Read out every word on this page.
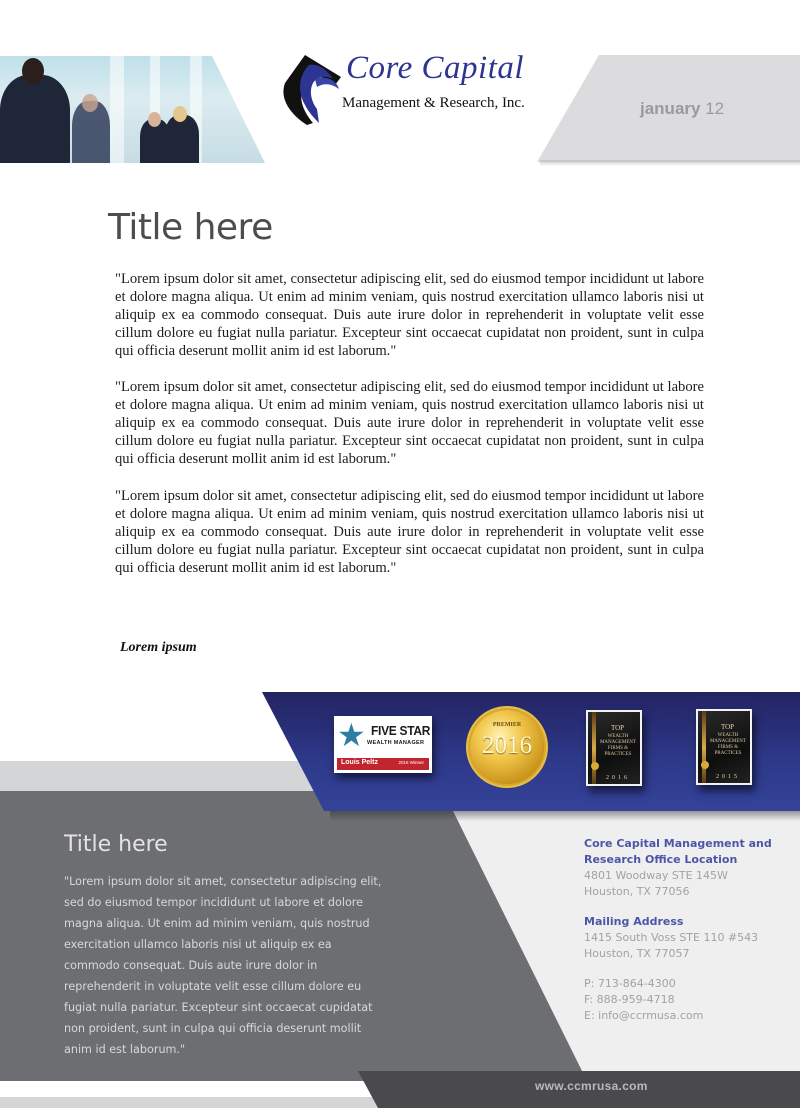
Core Capital
Management & Research, Inc.	january 12
Title here
"Lorem ipsum dolor sit amet, consectetur adipiscing elit, sed do eiusmod tempor incididunt ut labore et dolore magna aliqua. Ut enim ad minim veniam, quis nostrud exercitation ullamco laboris nisi ut aliquip ex ea commodo consequat. Duis aute irure dolor in reprehenderit in voluptate velit esse cillum dolore eu fugiat nulla pariatur. Excepteur sint occaecat cupidatat non proident, sunt in culpa qui officia deserunt mollit anim id est laborum."
"Lorem ipsum dolor sit amet, consectetur adipiscing elit, sed do eiusmod tempor incididunt ut labore et dolore magna aliqua. Ut enim ad minim veniam, quis nostrud exercitation ullamco laboris nisi ut aliquip ex ea commodo consequat. Duis aute irure dolor in reprehenderit in voluptate velit esse cillum dolore eu fugiat nulla pariatur. Excepteur sint occaecat cupidatat non proident, sunt in culpa qui officia deserunt mollit anim id est laborum."
"Lorem ipsum dolor sit amet, consectetur adipiscing elit, sed do eiusmod tempor incididunt ut labore et dolore magna aliqua. Ut enim ad minim veniam, quis nostrud exercitation ullamco laboris nisi ut aliquip ex ea commodo consequat. Duis aute irure dolor in reprehenderit in voluptate velit esse cillum dolore eu fugiat nulla pariatur. Excepteur sint occaecat cupidatat non proident, sunt in culpa qui officia deserunt mollit anim id est laborum."
Lorem ipsum
www.ccmrusa.com
★ FIVE STAR
WEALTH MANAGER
Louis Peltz	2016 Winner
PREMIER
2016
TOP
WEALTH MANAGEMENT FIRMS & PRACTICES
2016
TOP
WEALTH MANAGEMENT FIRMS & PRACTICES
2015
Title here
"Lorem ipsum dolor sit amet, consectetur adipiscing elit, sed do eiusmod tempor incididunt ut labore et dolore magna aliqua. Ut enim ad minim veniam, quis nostrud exercitation ullamco laboris nisi ut aliquip ex ea commodo consequat. Duis aute irure dolor in reprehenderit in voluptate velit esse cillum dolore eu fugiat nulla pariatur. Excepteur sint occaecat cupidatat non proident, sunt in culpa qui officia deserunt mollit anim id est laborum."
Core Capital Management and Research Office Location
4801 Woodway STE 145W
Houston, TX 77056
Mailing Address
1415 South Voss STE 110 #543
Houston, TX 77057
P: 713-864-4300
F: 888-959-4718
E: info@ccrmusa.com
